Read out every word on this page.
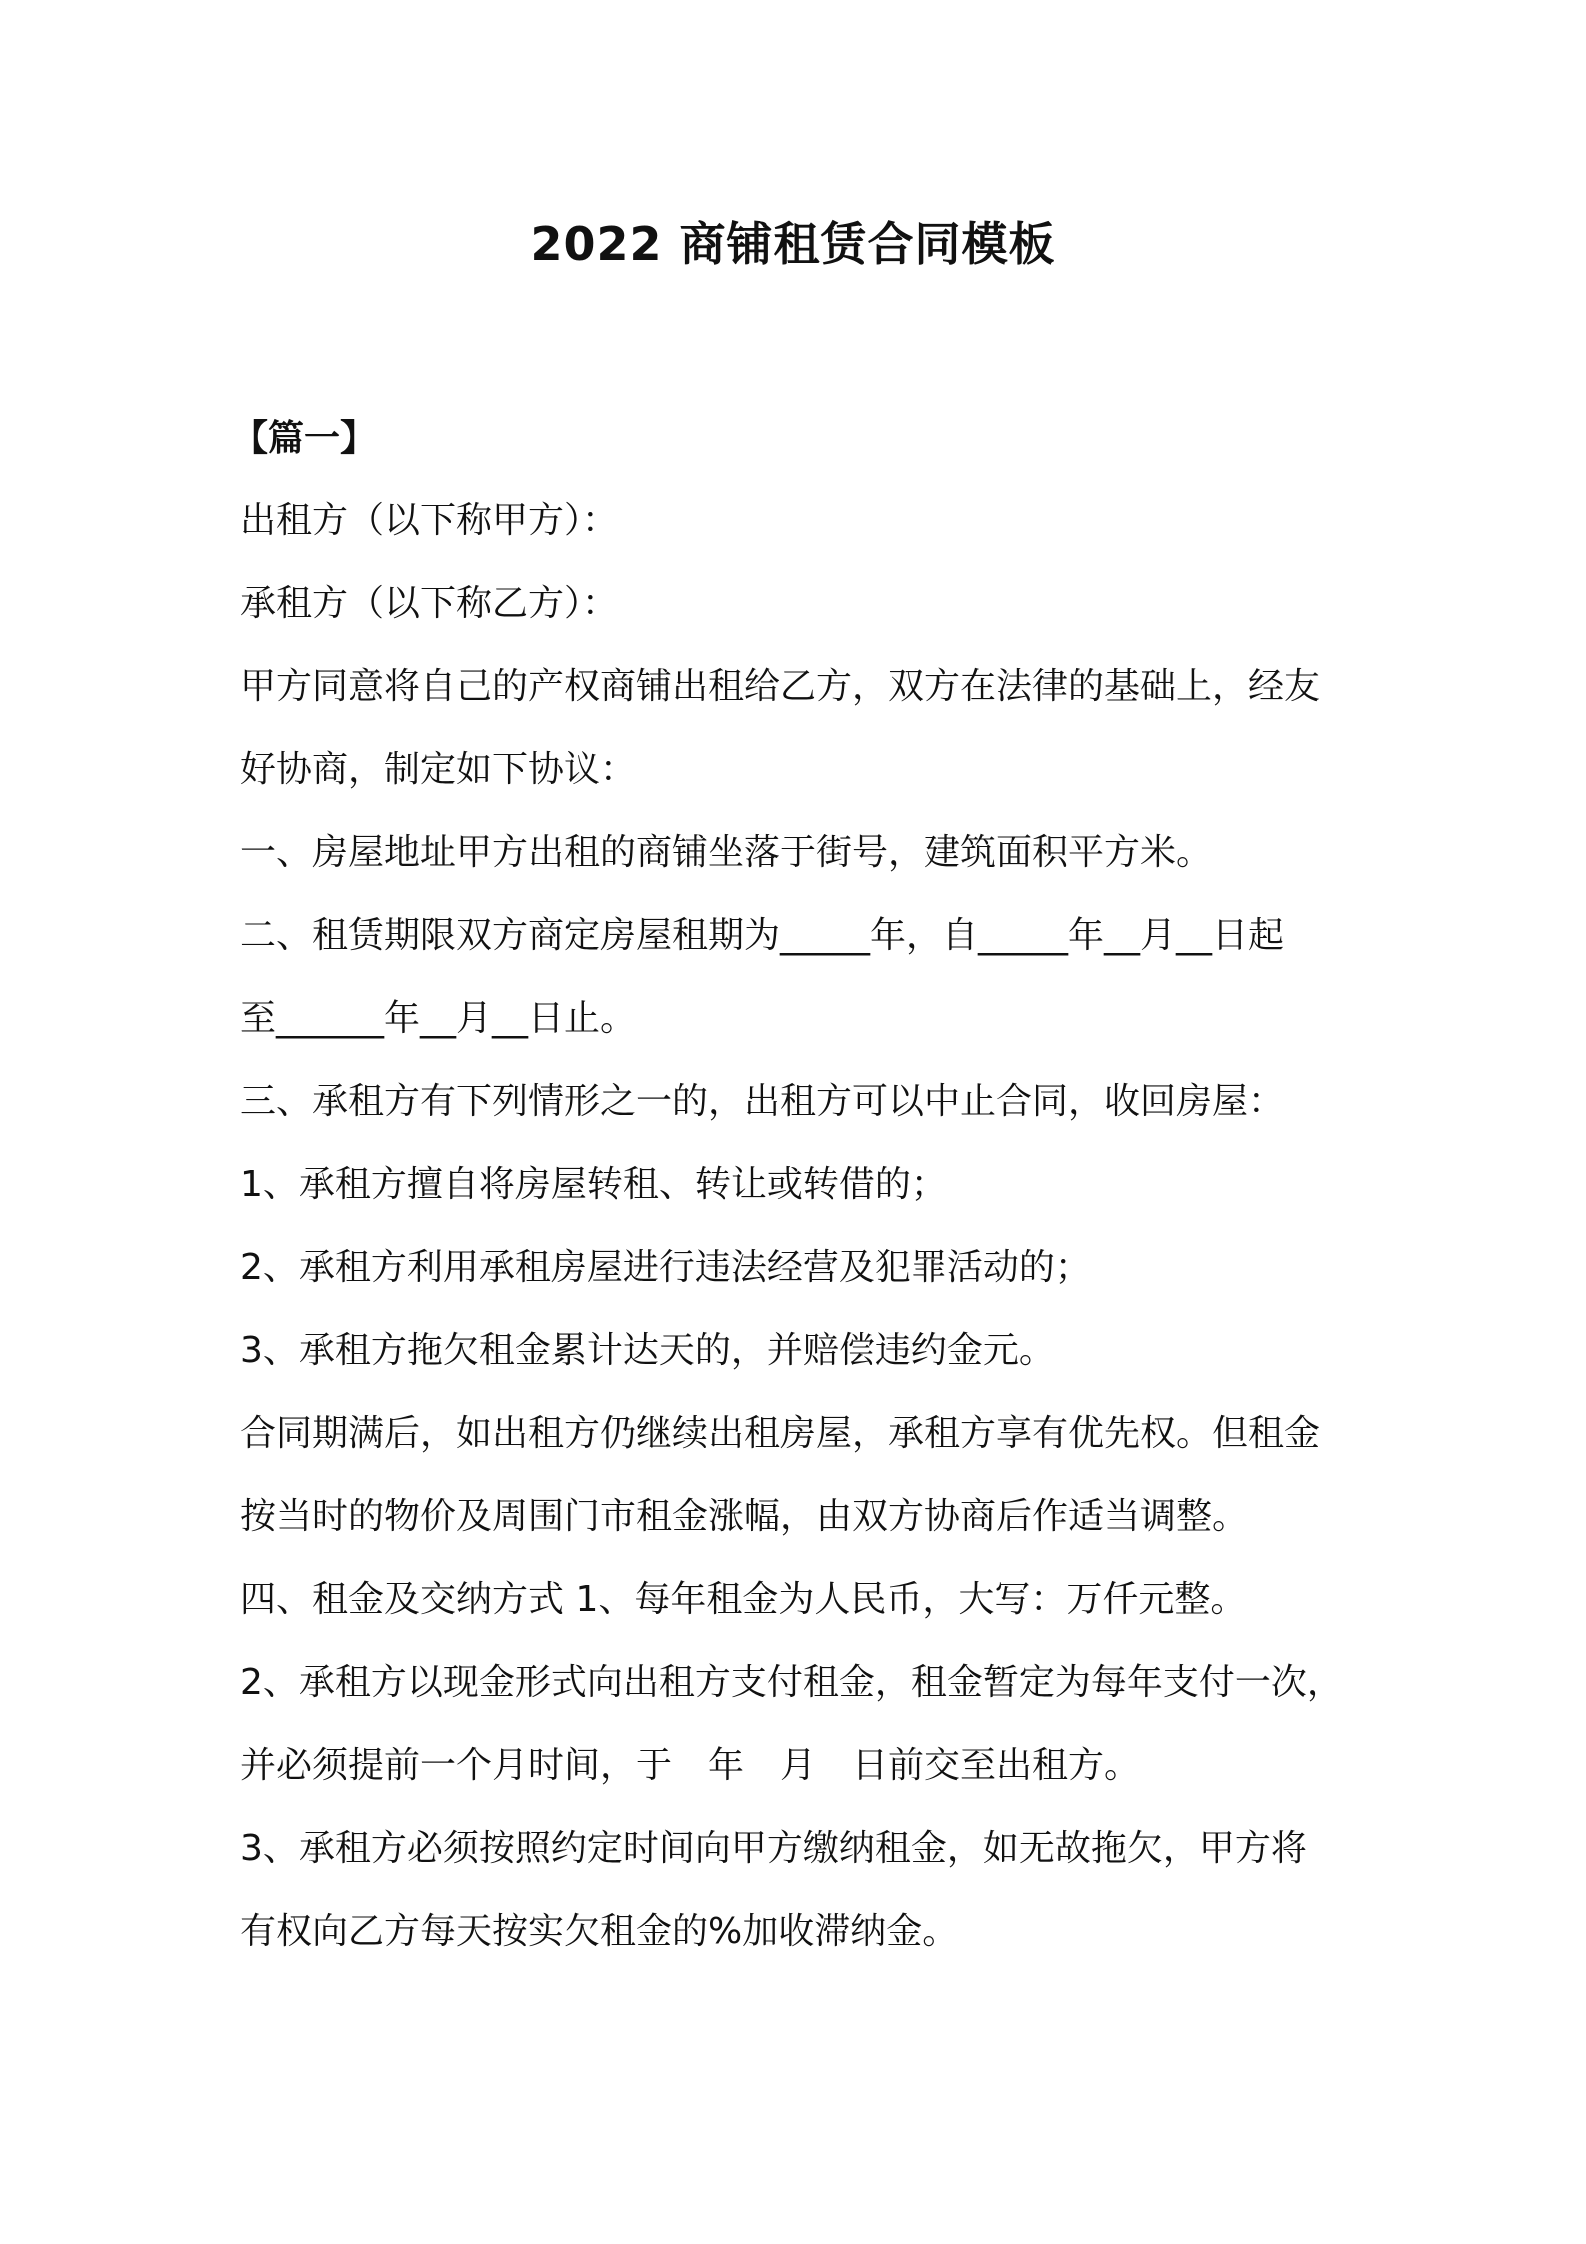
2022 商铺租赁合同模板
【篇一】
出租方（以下称甲方）：
承租方（以下称乙方）：
甲方同意将自己的产权商铺出租给乙方，双方在法律的基础上，经友
好协商，制定如下协议：
一、房屋地址甲方出租的商铺坐落于街号，建筑面积平方米。
二、租赁期限双方商定房屋租期为_____年，自_____年__月__日起
至______年__月__日止。
三、承租方有下列情形之一的，出租方可以中止合同，收回房屋：
1、承租方擅自将房屋转租、转让或转借的；
2、承租方利用承租房屋进行违法经营及犯罪活动的；
3、承租方拖欠租金累计达天的，并赔偿违约金元。
合同期满后，如出租方仍继续出租房屋，承租方享有优先权。但租金
按当时的物价及周围门市租金涨幅，由双方协商后作适当调整。
四、租金及交纳方式 1、每年租金为人民币，大写：万仟元整。
2、承租方以现金形式向出租方支付租金，租金暂定为每年支付一次，
并必须提前一个月时间，于　年　月　日前交至出租方。
3、承租方必须按照约定时间向甲方缴纳租金，如无故拖欠，甲方将
有权向乙方每天按实欠租金的%加收滞纳金。
